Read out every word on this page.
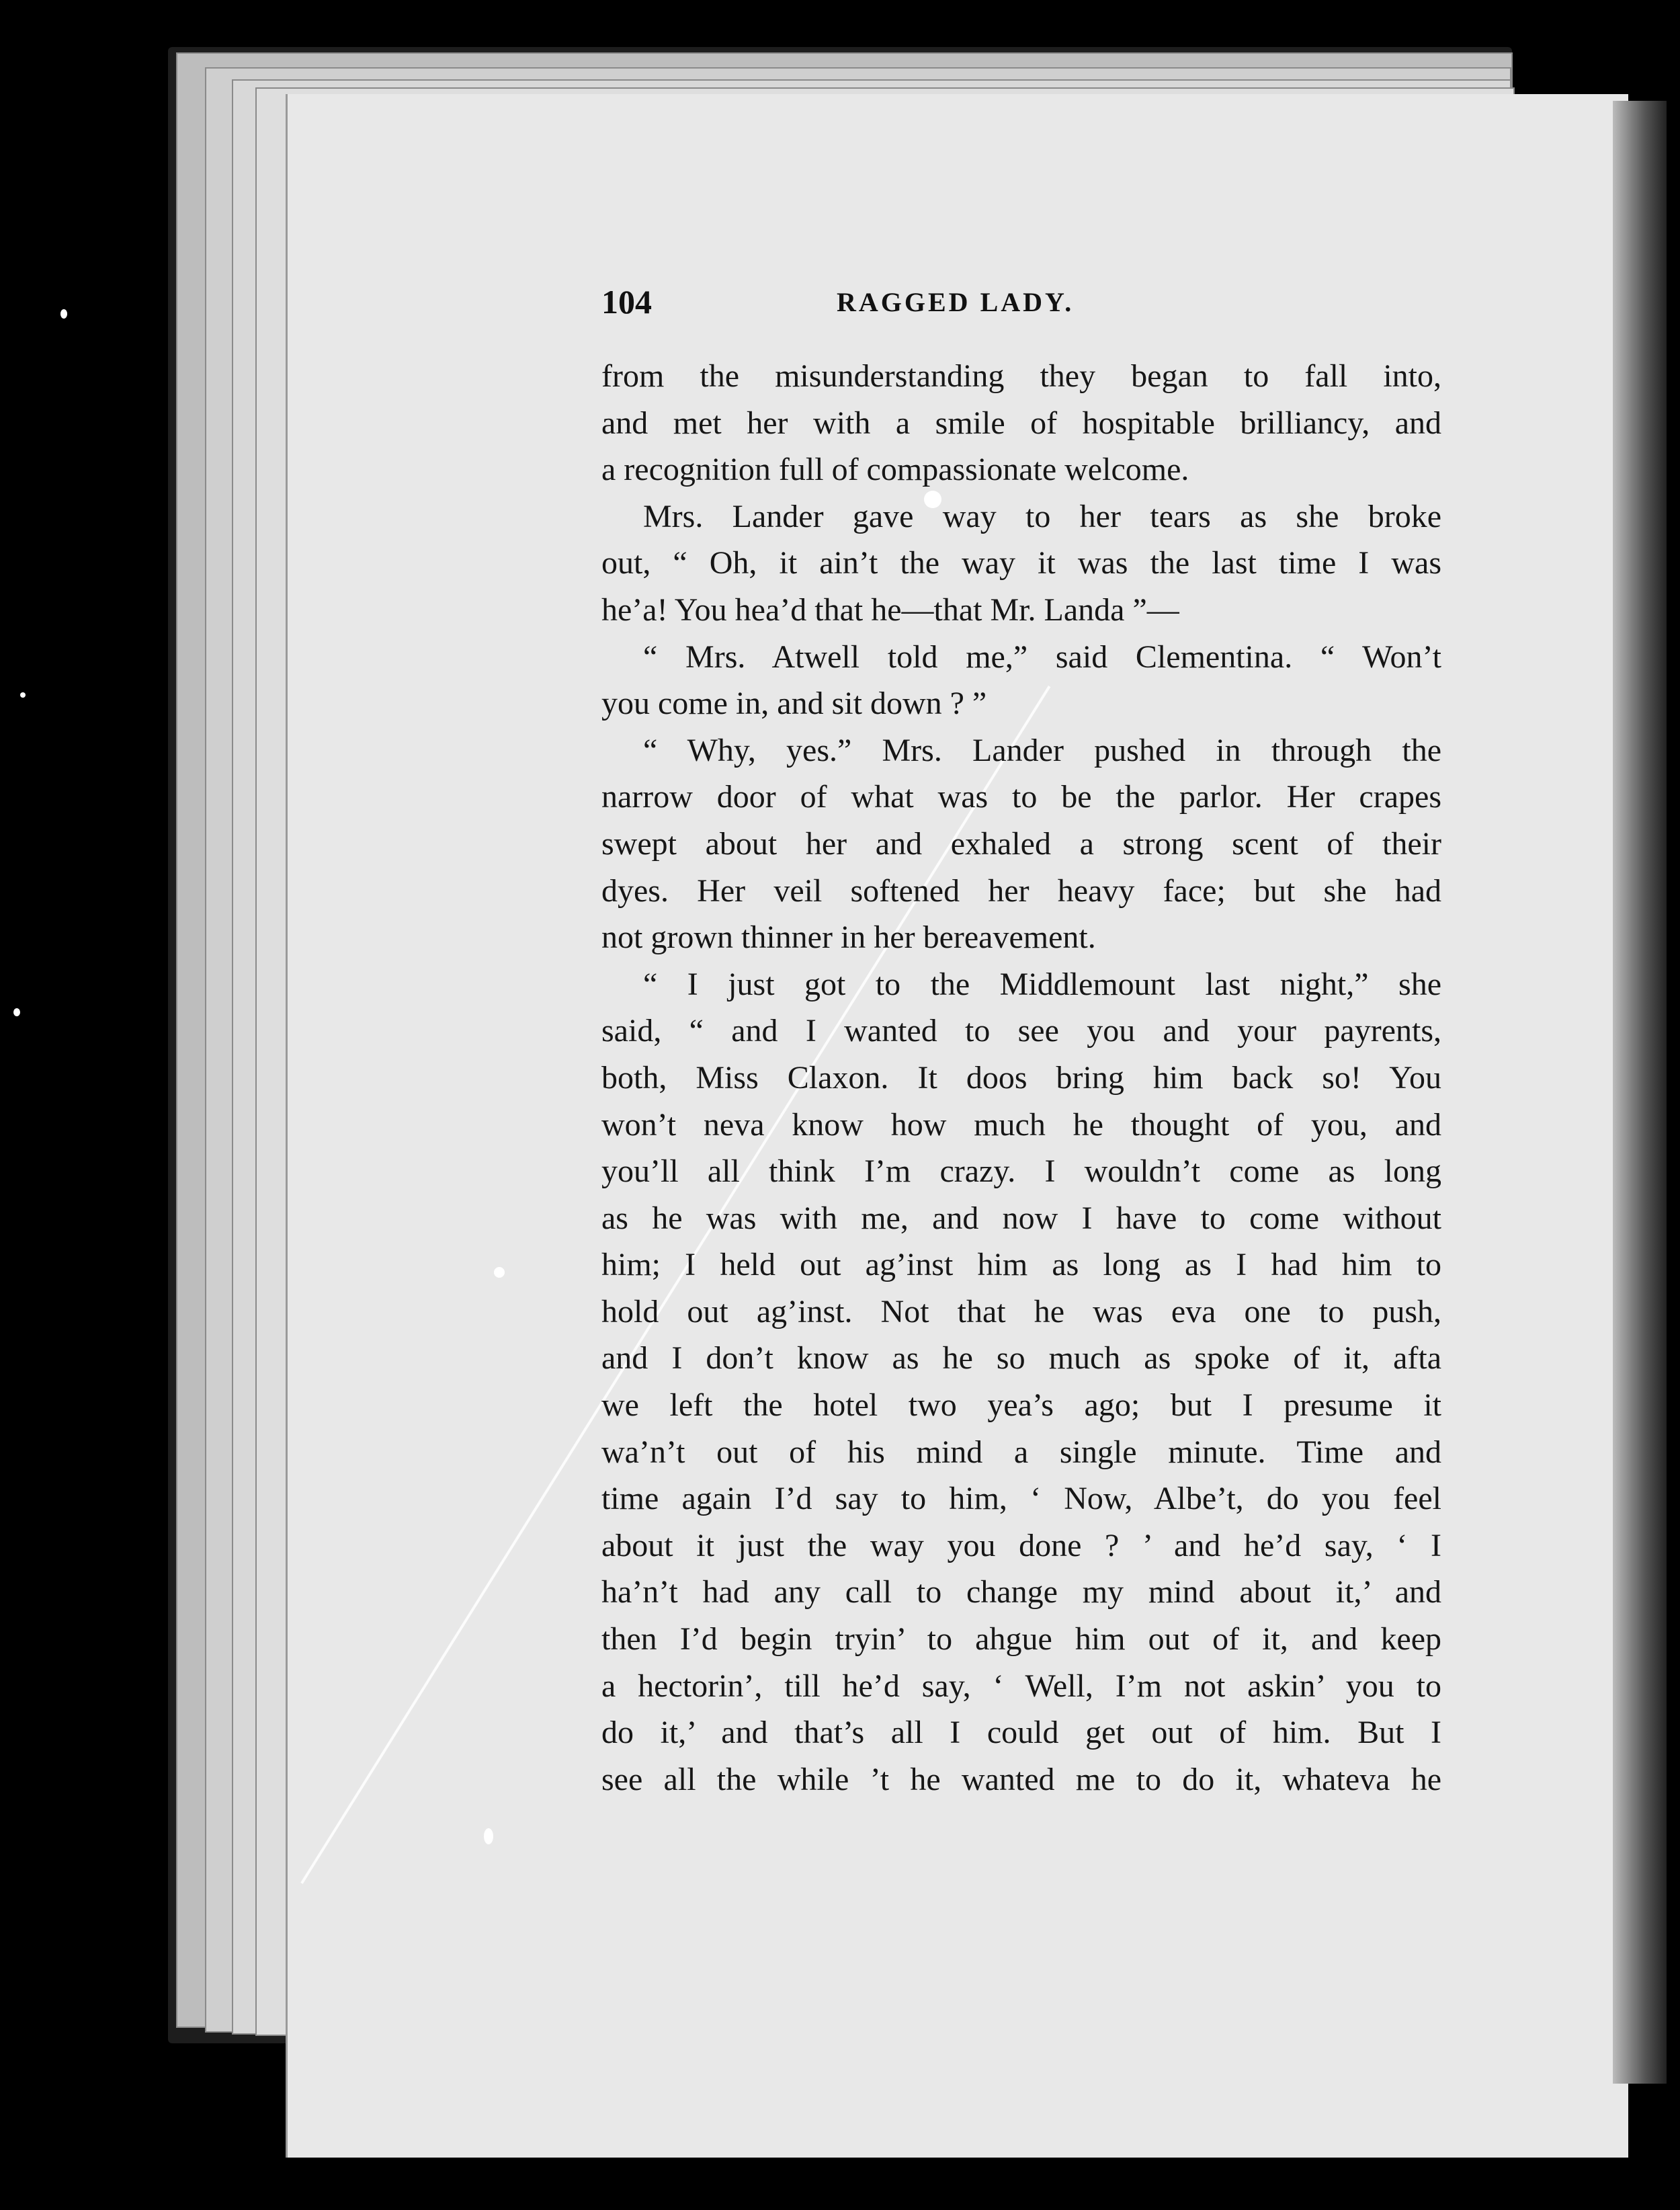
104	RAGGED LADY.
from the misunderstanding they began to fall into,
and met her with a smile of hospitable brilliancy, and
a recognition full of compassionate welcome.
Mrs. Lander gave way to her tears as she broke
out, “ Oh, it ain’t the way it was the last time I was
he’a! You hea’d that he—that Mr. Landa ”—
“ Mrs. Atwell told me,” said Clementina. “ Won’t
you come in, and sit down ? ”
“ Why, yes.” Mrs. Lander pushed in through the
narrow door of what was to be the parlor. Her crapes
swept about her and exhaled a strong scent of their
dyes. Her veil softened her heavy face; but she had
not grown thinner in her bereavement.
“ I just got to the Middlemount last night,” she
said, “ and I wanted to see you and your payrents,
both, Miss Claxon. It doos bring him back so! You
won’t neva know how much he thought of you, and
you’ll all think I’m crazy. I wouldn’t come as long
as he was with me, and now I have to come without
him; I held out ag’inst him as long as I had him to
hold out ag’inst. Not that he was eva one to push,
and I don’t know as he so much as spoke of it, afta
we left the hotel two yea’s ago; but I presume it
wa’n’t out of his mind a single minute. Time and
time again I’d say to him, ‘ Now, Albe’t, do you feel
about it just the way you done ? ’ and he’d say, ‘ I
ha’n’t had any call to change my mind about it,’ and
then I’d begin tryin’ to ahgue him out of it, and keep
a hectorin’, till he’d say, ‘ Well, I’m not askin’ you to
do it,’ and that’s all I could get out of him. But I
see all the while ’t he wanted me to do it, whateva he
